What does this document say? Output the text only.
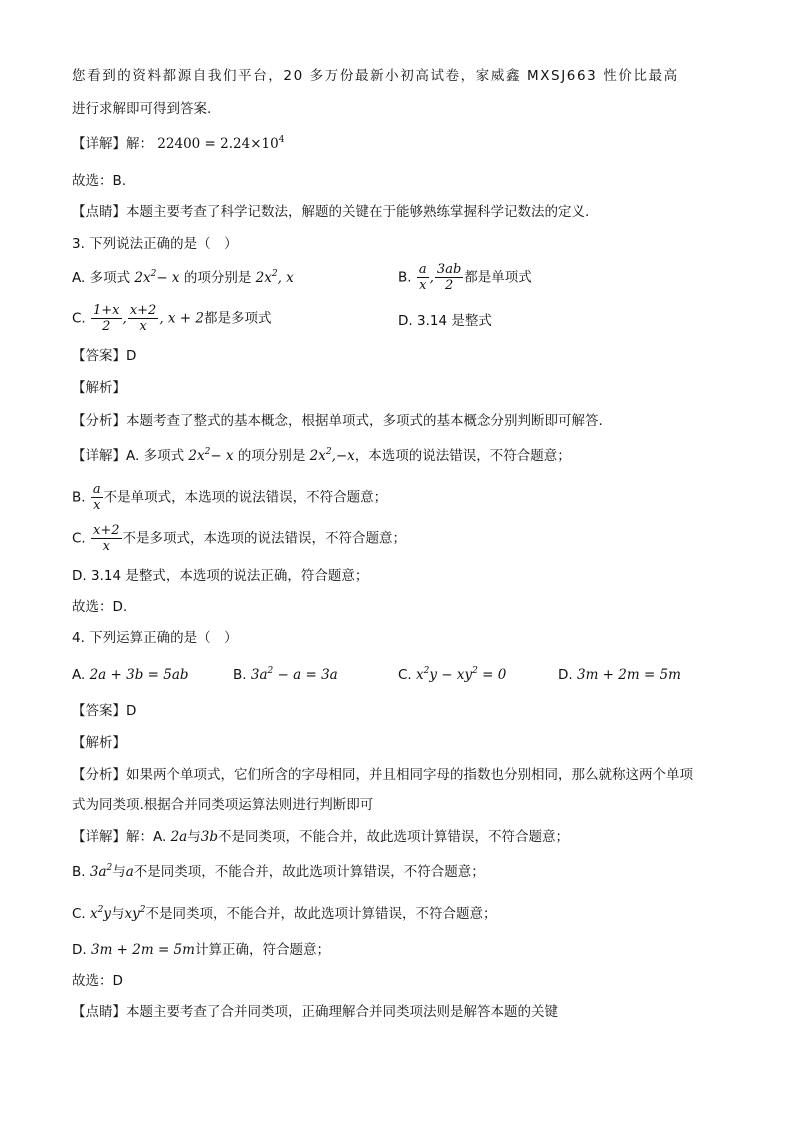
您看到的资料都源自我们平台，20 多万份最新小初高试卷，家威鑫 MXSJ663 性价比最高
进行求解即可得到答案.
【详解】解： $22400 = 2.24\times 10^4$
故选：B.
【点睛】本题主要考查了科学记数法，解题的关键在于能够熟练掌握科学记数法的定义.
3. 下列说法正确的是（　）
A. 多项式 $2x^2- x$ 的项分别是 $2x^2$, x	B. $\frac{a}{x}$ , $\frac{3ab}{2}$ 都是单项式
C. $\frac{1+x}{2}$ , $\frac{x+2}{x}$ , x + 2都是多项式	D. 3.14 是整式
【答案】D
【解析】
【分析】本题考查了整式的基本概念，根据单项式，多项式的基本概念分别判断即可解答.
【详解】A. 多项式 $2x^2- x$ 的项分别是 $2x^2,-x$，本选项的说法错误，不符合题意；
B. $\frac{a}{x}$ 不是单项式，本选项的说法错误，不符合题意；
C. $\frac{x+2}{x}$ 不是多项式，本选项的说法错误，不符合题意；
D. 3.14 是整式，本选项的说法正确，符合题意；
故选：D.
4. 下列运算正确的是（　）
A. 2a + 3b = 5ab	B. $3a^2 - a = 3a$	C. $x^2y - xy^2 = 0$	D. 3m + 2m = 5m
【答案】D
【解析】
【分析】如果两个单项式，它们所含的字母相同，并且相同字母的指数也分别相同，那么就称这两个单项
式为同类项.根据合并同类项运算法则进行判断即可
【详解】解：A. 2a与3b不是同类项，不能合并，故此选项计算错误，不符合题意；
B. $3a^2$与a不是同类项，不能合并，故此选项计算错误，不符合题意；
C. $x^2y$与$xy^2$不是同类项，不能合并，故此选项计算错误，不符合题意；
D. 3m + 2m = 5m计算正确，符合题意；
故选：D
【点睛】本题主要考查了合并同类项，正确理解合并同类项法则是解答本题的关键
